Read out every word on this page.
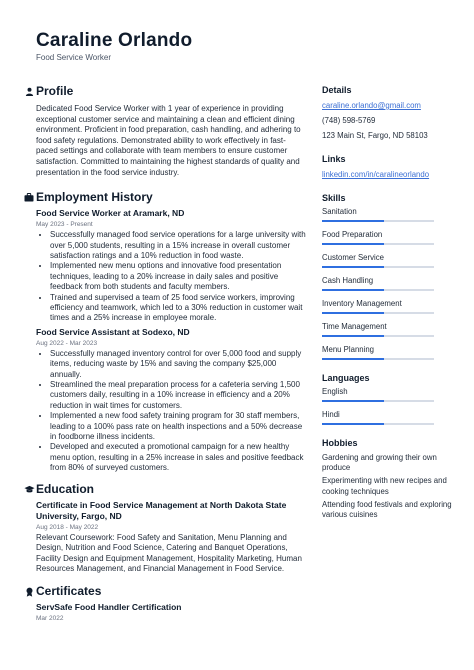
Caraline Orlando
Food Service Worker
Profile
Dedicated Food Service Worker with 1 year of experience in providing exceptional customer service and maintaining a clean and efficient dining environment. Proficient in food preparation, cash handling, and adhering to food safety regulations. Demonstrated ability to work effectively in fast-paced settings and collaborate with team members to ensure customer satisfaction. Committed to maintaining the highest standards of quality and presentation in the food service industry.
Employment History
Food Service Worker at Aramark, ND
May 2023 - Present
• Successfully managed food service operations for a large university with over 5,000 students, resulting in a 15% increase in overall customer satisfaction ratings and a 10% reduction in food waste.
• Implemented new menu options and innovative food presentation techniques, leading to a 20% increase in daily sales and positive feedback from both students and faculty members.
• Trained and supervised a team of 25 food service workers, improving efficiency and teamwork, which led to a 30% reduction in customer wait times and a 25% increase in employee morale.
Food Service Assistant at Sodexo, ND
Aug 2022 - Mar 2023
• Successfully managed inventory control for over 5,000 food and supply items, reducing waste by 15% and saving the company $25,000 annually.
• Streamlined the meal preparation process for a cafeteria serving 1,500 customers daily, resulting in a 10% increase in efficiency and a 20% reduction in wait times for customers.
• Implemented a new food safety training program for 30 staff members, leading to a 100% pass rate on health inspections and a 50% decrease in foodborne illness incidents.
• Developed and executed a promotional campaign for a new healthy menu option, resulting in a 25% increase in sales and positive feedback from 80% of surveyed customers.
Education
Certificate in Food Service Management at North Dakota State University, Fargo, ND
Aug 2018 - May 2022
Relevant Coursework: Food Safety and Sanitation, Menu Planning and Design, Nutrition and Food Science, Catering and Banquet Operations, Facility Design and Equipment Management, Hospitality Marketing, Human Resources Management, and Financial Management in Food Service.
Certificates
ServSafe Food Handler Certification
Mar 2022
Details
caraline.orlando@gmail.com
(748) 598-5769
123 Main St, Fargo, ND 58103
Links
linkedin.com/in/caralineorlando
Skills
Sanitation
Food Preparation
Customer Service
Cash Handling
Inventory Management
Time Management
Menu Planning
Languages
English
Hindi
Hobbies
Gardening and growing their own produce
Experimenting with new recipes and cooking techniques
Attending food festivals and exploring various cuisines
